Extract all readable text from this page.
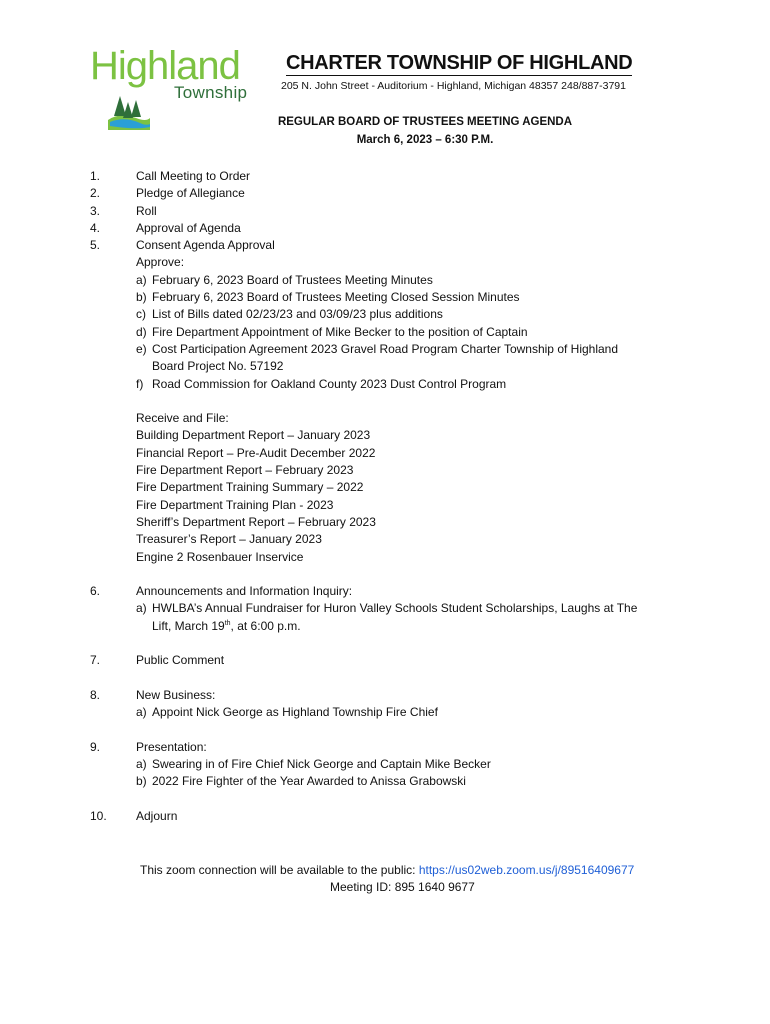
Highland
Township
CHARTER TOWNSHIP OF HIGHLAND
205 N. John Street - Auditorium - Highland, Michigan 48357 248/887-3791
REGULAR BOARD OF TRUSTEES MEETING AGENDA
March 6, 2023 – 6:30 P.M.
1.	Call Meeting to Order
2.	Pledge of Allegiance
3.	Roll
4.	Approval of Agenda
5.	Consent Agenda Approval
Approve:
a) February 6, 2023 Board of Trustees Meeting Minutes
b) February 6, 2023 Board of Trustees Meeting Closed Session Minutes
c) List of Bills dated 02/23/23 and 03/09/23 plus additions
d) Fire Department Appointment of Mike Becker to the position of Captain
e) Cost Participation Agreement 2023 Gravel Road Program Charter Township of Highland
Board Project No. 57192
f) Road Commission for Oakland County 2023 Dust Control Program
Receive and File:
Building Department Report – January 2023
Financial Report – Pre-Audit December 2022
Fire Department Report – February 2023
Fire Department Training Summary – 2022
Fire Department Training Plan - 2023
Sheriff’s Department Report – February 2023
Treasurer’s Report – January 2023
Engine 2 Rosenbauer Inservice
6.	Announcements and Information Inquiry:
a) HWLBA’s Annual Fundraiser for Huron Valley Schools Student Scholarships, Laughs at The
Lift, March 19th, at 6:00 p.m.
7.	Public Comment
8.	New Business:
a) Appoint Nick George as Highland Township Fire Chief
9.	Presentation:
a) Swearing in of Fire Chief Nick George and Captain Mike Becker
b) 2022 Fire Fighter of the Year Awarded to Anissa Grabowski
10.	Adjourn
This zoom connection will be available to the public: https://us02web.zoom.us/j/89516409677
Meeting ID: 895 1640 9677
